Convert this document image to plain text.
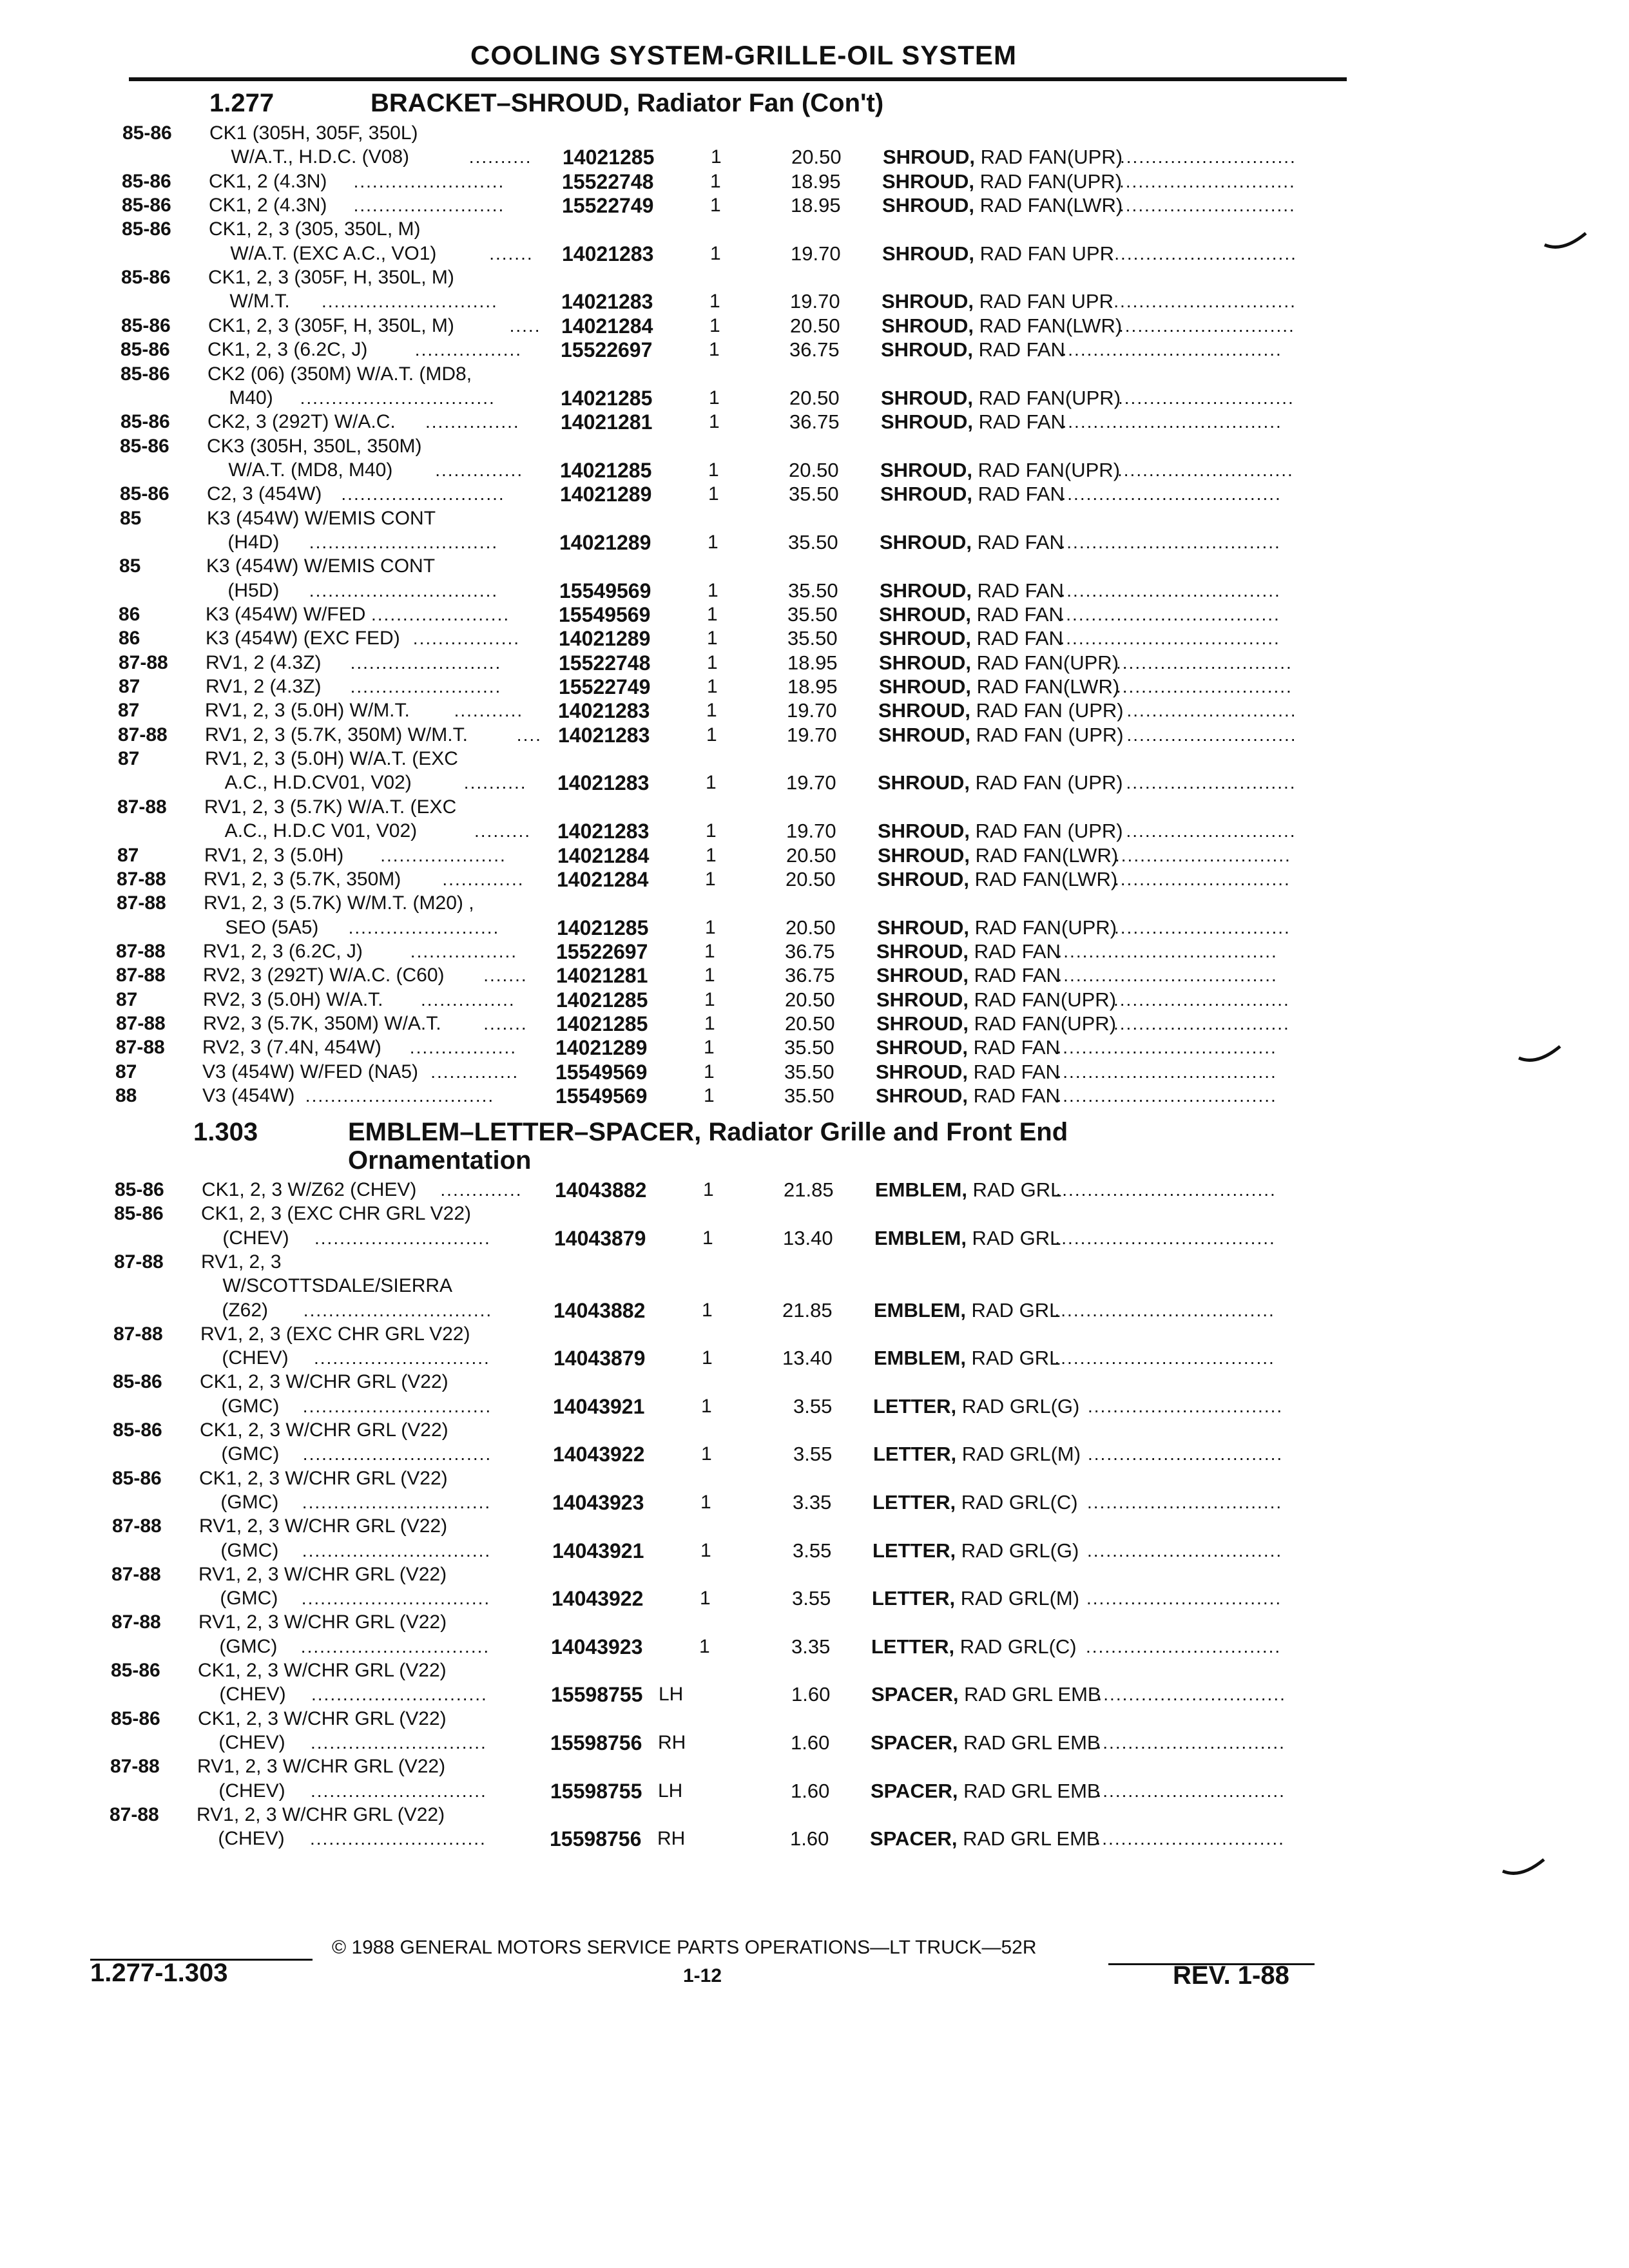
COOLING SYSTEM-GRILLE-OIL SYSTEM
1.277	BRACKET–SHROUD, Radiator Fan (Con't)
1.303	EMBLEM–LETTER–SPACER, Radiator Grille and Front End
Ornamentation
85-86 CK1 (305H, 305F, 350L)
W/A.T., H.D.C. (V08)	.......... 14021285	1	20.50 SHROUD, RAD FAN(UPR)
............................
85-86 CK1, 2 (4.3N) ........................	15522748	1	18.95 SHROUD, RAD FAN(UPR)
............................
85-86 CK1, 2 (4.3N) ........................	15522749	1	18.95 SHROUD, RAD FAN(LWR)
............................
85-86 CK1, 2, 3 (305, 350L, M)
W/A.T. (EXC A.C., VO1)	....... 14021283	1	19.70 SHROUD, RAD FAN UPR
..............................
85-86 CK1, 2, 3 (305F, H, 350L, M)
W/M.T. ............................	14021283	1	19.70 SHROUD, RAD FAN UPR
..............................
85-86 CK1, 2, 3 (305F, H, 350L, M)	..... 14021284	1	20.50 SHROUD, RAD FAN(LWR)
............................
85-86 CK1, 2, 3 (6.2C, J)	................. 15522697	1	36.75 SHROUD, RAD FAN
...................................
85-86 CK2 (06) (350M) W/A.T. (MD8,
M40) ...............................	14021285	1	20.50 SHROUD, RAD FAN(UPR)
............................
85-86 CK2, 3 (292T) W/A.C. ............... 14021281	1	36.75 SHROUD, RAD FAN
...................................
85-86 CK3 (305H, 350L, 350M)
W/A.T. (MD8, M40) .............. 14021285	1	20.50 SHROUD, RAD FAN(UPR)
............................
85-86 C2, 3 (454W) ..........................	14021289	1	35.50 SHROUD, RAD FAN
...................................
85	K3 (454W) W/EMIS CONT
(H4D) ..............................	14021289	1	35.50 SHROUD, RAD FAN
...................................
85	K3 (454W) W/EMIS CONT
(H5D) ..............................	15549569	1	35.50 SHROUD, RAD FAN
...................................
86	K3 (454W) W/FED ...................... 15549569	1	35.50 SHROUD, RAD FAN
...................................
86	K3 (454W) (EXC FED) ................. 14021289	1	35.50 SHROUD, RAD FAN
...................................
87-88 RV1, 2 (4.3Z) ........................	15522748	1	18.95 SHROUD, RAD FAN(UPR)
............................
87	RV1, 2 (4.3Z) ........................	15522749	1	18.95 SHROUD, RAD FAN(LWR)
............................
87	RV1, 2, 3 (5.0H) W/M.T. ........... 14021283	1	19.70 SHROUD, RAD FAN (UPR) ...........................
87-88 RV1, 2, 3 (5.7K, 350M) W/M.T.	.... 14021283	1	19.70 SHROUD, RAD FAN (UPR) ...........................
87	RV1, 2, 3 (5.0H) W/A.T. (EXC
A.C., H.D.CV01, V02)	.......... 14021283	1	19.70 SHROUD, RAD FAN (UPR) ...........................
87-88 RV1, 2, 3 (5.7K) W/A.T. (EXC
A.C., H.D.C V01, V02)	......... 14021283	1	19.70 SHROUD, RAD FAN (UPR) ...........................
87	RV1, 2, 3 (5.0H) .................... 14021284	1	20.50 SHROUD, RAD FAN(LWR)
............................
87-88 RV1, 2, 3 (5.7K, 350M) ............. 14021284	1	20.50 SHROUD, RAD FAN(LWR)
............................
87-88 RV1, 2, 3 (5.7K) W/M.T. (M20) ,
SEO (5A5) ........................	14021285	1	20.50 SHROUD, RAD FAN(UPR)
............................
87-88 RV1, 2, 3 (6.2C, J)	................. 15522697	1	36.75 SHROUD, RAD FAN
...................................
87-88 RV2, 3 (292T) W/A.C. (C60) ....... 14021281	1	36.75 SHROUD, RAD FAN
...................................
87	RV2, 3 (5.0H) W/A.T. ............... 14021285	1	20.50 SHROUD, RAD FAN(UPR)
............................
87-88 RV2, 3 (5.7K, 350M) W/A.T. ....... 14021285	1	20.50 SHROUD, RAD FAN(UPR)
............................
87-88 RV2, 3 (7.4N, 454W) ................. 14021289	1	35.50 SHROUD, RAD FAN
...................................
87	V3 (454W) W/FED (NA5) .............. 15549569	1	35.50 SHROUD, RAD FAN
...................................
88	V3 (454W) ..............................	15549569	1	35.50 SHROUD, RAD FAN
...................................
85-86 CK1, 2, 3 W/Z62 (CHEV) ............. 14043882	1	21.85 EMBLEM, RAD GRL
...................................
85-86 CK1, 2, 3 (EXC CHR GRL V22)
(CHEV) ............................	14043879	1	13.40 EMBLEM, RAD GRL
...................................
87-88 RV1, 2, 3
W/SCOTTSDALE/SIERRA
(Z62) ..............................	14043882	1	21.85 EMBLEM, RAD GRL
...................................
87-88 RV1, 2, 3 (EXC CHR GRL V22)
(CHEV) ............................	14043879	1	13.40 EMBLEM, RAD GRL
...................................
85-86 CK1, 2, 3 W/CHR GRL (V22)
(GMC) ..............................	14043921	1	3.55 LETTER, RAD GRL(G) ...............................
85-86 CK1, 2, 3 W/CHR GRL (V22)
(GMC) ..............................	14043922	1	3.55 LETTER, RAD GRL(M) ...............................
85-86 CK1, 2, 3 W/CHR GRL (V22)
(GMC) ..............................	14043923	1	3.35 LETTER, RAD GRL(C) ...............................
87-88 RV1, 2, 3 W/CHR GRL (V22)
(GMC) ..............................	14043921	1	3.55 LETTER, RAD GRL(G) ...............................
87-88 RV1, 2, 3 W/CHR GRL (V22)
(GMC) ..............................	14043922	1	3.55 LETTER, RAD GRL(M) ...............................
87-88 RV1, 2, 3 W/CHR GRL (V22)
(GMC) ..............................	14043923	1	3.35 LETTER, RAD GRL(C) ...............................
85-86 CK1, 2, 3 W/CHR GRL (V22)
(CHEV) ............................	15598755 LH	1.60 SPACER, RAD GRL EMB
..............................
85-86 CK1, 2, 3 W/CHR GRL (V22)
(CHEV) ............................	15598756 RH	1.60 SPACER, RAD GRL EMB
..............................
87-88 RV1, 2, 3 W/CHR GRL (V22)
(CHEV) ............................	15598755 LH	1.60 SPACER, RAD GRL EMB
..............................
87-88 RV1, 2, 3 W/CHR GRL (V22)
(CHEV) ............................	15598756 RH	1.60 SPACER, RAD GRL EMB
..............................
1.277-1.303
© 1988 GENERAL MOTORS SERVICE PARTS OPERATIONS—LT TRUCK—52R
1-12	REV. 1-88
